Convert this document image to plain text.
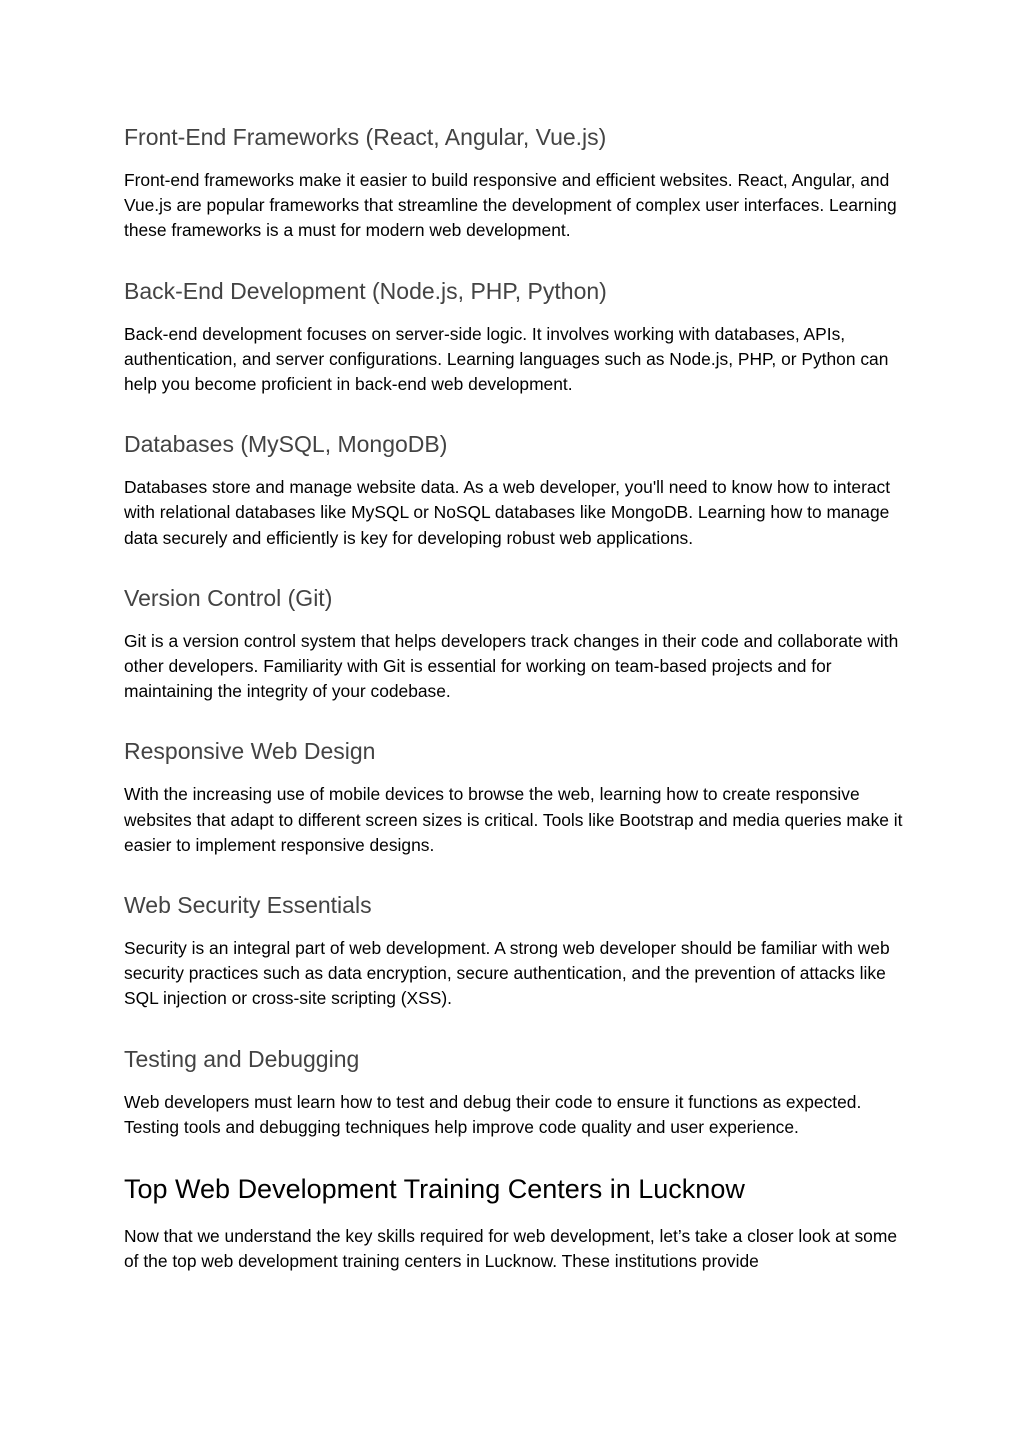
Front-End Frameworks (React, Angular, Vue.js)

Front-end frameworks make it easier to build responsive and efficient websites. React, Angular, and Vue.js are popular frameworks that streamline the development of complex user interfaces. Learning these frameworks is a must for modern web development.

Back-End Development (Node.js, PHP, Python)

Back-end development focuses on server-side logic. It involves working with databases, APIs, authentication, and server configurations. Learning languages such as Node.js, PHP, or Python can help you become proficient in back-end web development.

Databases (MySQL, MongoDB)

Databases store and manage website data. As a web developer, you'll need to know how to interact with relational databases like MySQL or NoSQL databases like MongoDB. Learning how to manage data securely and efficiently is key for developing robust web applications.

Version Control (Git)

Git is a version control system that helps developers track changes in their code and collaborate with other developers. Familiarity with Git is essential for working on team-based projects and for maintaining the integrity of your codebase.

Responsive Web Design

With the increasing use of mobile devices to browse the web, learning how to create responsive websites that adapt to different screen sizes is critical. Tools like Bootstrap and media queries make it easier to implement responsive designs.

Web Security Essentials

Security is an integral part of web development. A strong web developer should be familiar with web security practices such as data encryption, secure authentication, and the prevention of attacks like SQL injection or cross-site scripting (XSS).

Testing and Debugging

Web developers must learn how to test and debug their code to ensure it functions as expected. Testing tools and debugging techniques help improve code quality and user experience.

Top Web Development Training Centers in Lucknow

Now that we understand the key skills required for web development, let’s take a closer look at some of the top web development training centers in Lucknow. These institutions provide
